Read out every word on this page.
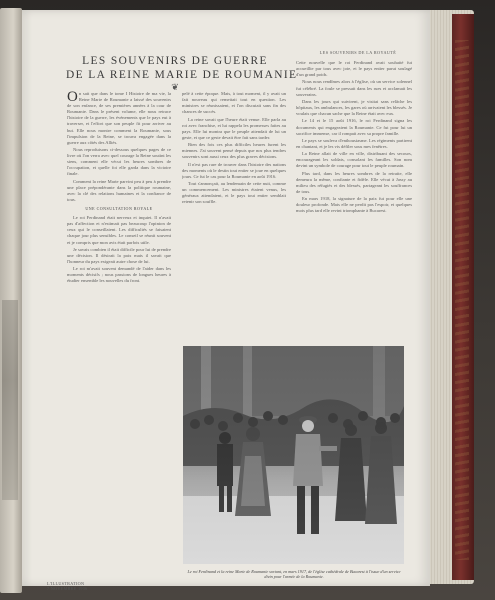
LES SOUVENIRS DE LA ROYAUTÉ
LES SOUVENIRS DE GUERRE
DE LA REINE MARIE DE ROUMANIE
❦

On sait que dans le tome I Histoire de ma vie, la Reine Marie de Roumanie a laissé des souvenirs de son enfance, de ses premières années à la cour de Roumanie. Dans le présent volume, elle nous retrace l'histoire de la guerre, les événements que le pays eut à traverser, et l'effort que son peuple fit pour arriver au but. Elle nous montre comment la Roumanie, sous l'impulsion de la Reine, se trouva engagée dans la guerre aux côtés des Alliés.

Nous reproduisons ci-dessous quelques pages de ce livre où l'on verra avec quel courage la Reine soutint les siens, comment elle vécut les heures sombres de l'occupation, et quelle foi elle garda dans la victoire finale.

Comment la reine Marie parvint peu à peu à prendre une place prépondérante dans la politique roumaine, avec la clé des relations humaines et la confiance de tous.

UNE CONSULTATION ROYALE

Le roi Ferdinand était nerveux et inquiet. Il n'avait pas d'affection et n'estimait pas beaucoup l'opinion de ceux qui le conseillaient. Les difficultés se faisaient chaque jour plus sensibles. Le conseil se réunit souvent et je compris que mon avis était parfois utile.

Je savais combien il était difficile pour lui de prendre une décision. Il désirait la paix mais il savait que l'honneur du pays exigeait autre chose de lui.

Le roi m'avait souvent demandé de l'aider dans les moments décisifs ; nous passions de longues heures à étudier ensemble les nouvelles du front.

pelé à cette époque. Mais, à tout moment, il y avait un fait nouveau qui remettait tout en question. Les ministres se réunissaient, et l'on discutait sans fin des chances de succès.

La reine savait que l'heure était venue. Elle parla au roi avec franchise, et lui rappela les promesses faites au pays. Elle lui montra que le peuple attendait de lui un geste, et que ce geste devait être fait sans tarder.

Bien des fois ces plus difficiles heures furent les miennes. J'ai souvent pensé depuis que nos plus tendres souvenirs sont aussi ceux des plus graves décisions.

Il n'est pas rare de trouver dans l'histoire des nations des moments où le destin tout entier se joue en quelques jours. Ce fut le cas pour la Roumanie en août 1916.

Tout s'annonçait, au lendemain de cette nuit, comme un commencement. Les ministres étaient venus, les généraux attendaient, et le pays tout entier semblait retenir son souffle.

Cette nouvelle que le roi Ferdinand avait souhaité fut accueillie par tous avec joie, et le pays entier parut soulagé d'un grand poids.

Nous nous rendîmes alors à l'église, où un service solennel fut célébré. La foule se pressait dans les rues et acclamait les souverains.

Dans les jours qui suivirent, je visitai sans relâche les hôpitaux, les ambulances, les gares où arrivaient les blessés. Je voulais que chacun sache que la Reine était avec eux.

Le 14 et le 15 août 1916, le roi Ferdinand signa les documents qui engageaient la Roumanie. Ce fut pour lui un sacrifice immense, car il rompait avec sa propre famille.

Le pays se souleva d'enthousiasme. Les régiments partirent en chantant, et je les vis défiler sous mes fenêtres.

La Reine allait de ville en ville, distribuant des secours, encourageant les soldats, consolant les familles. Son nom devint un symbole de courage pour tout le peuple roumain.

Plus tard, dans les heures sombres de la retraite, elle demeura la même, confiante et fidèle. Elle vécut à Jassy au milieu des réfugiés et des blessés, partageant les souffrances de tous.

En mars 1918, la signature de la paix fut pour elle une douleur profonde. Mais elle ne perdit pas l'espoir, et quelques mois plus tard elle revint triomphante à Bucarest.

Le roi Ferdinand et la reine Marie de Roumanie sortant, en mars 1917, de l'église cathédrale de Bucarest à l'issue d'un service divin pour l'armée de la Roumanie.
L'ILLUSTRATION
7 NOVEMBRE 1936
